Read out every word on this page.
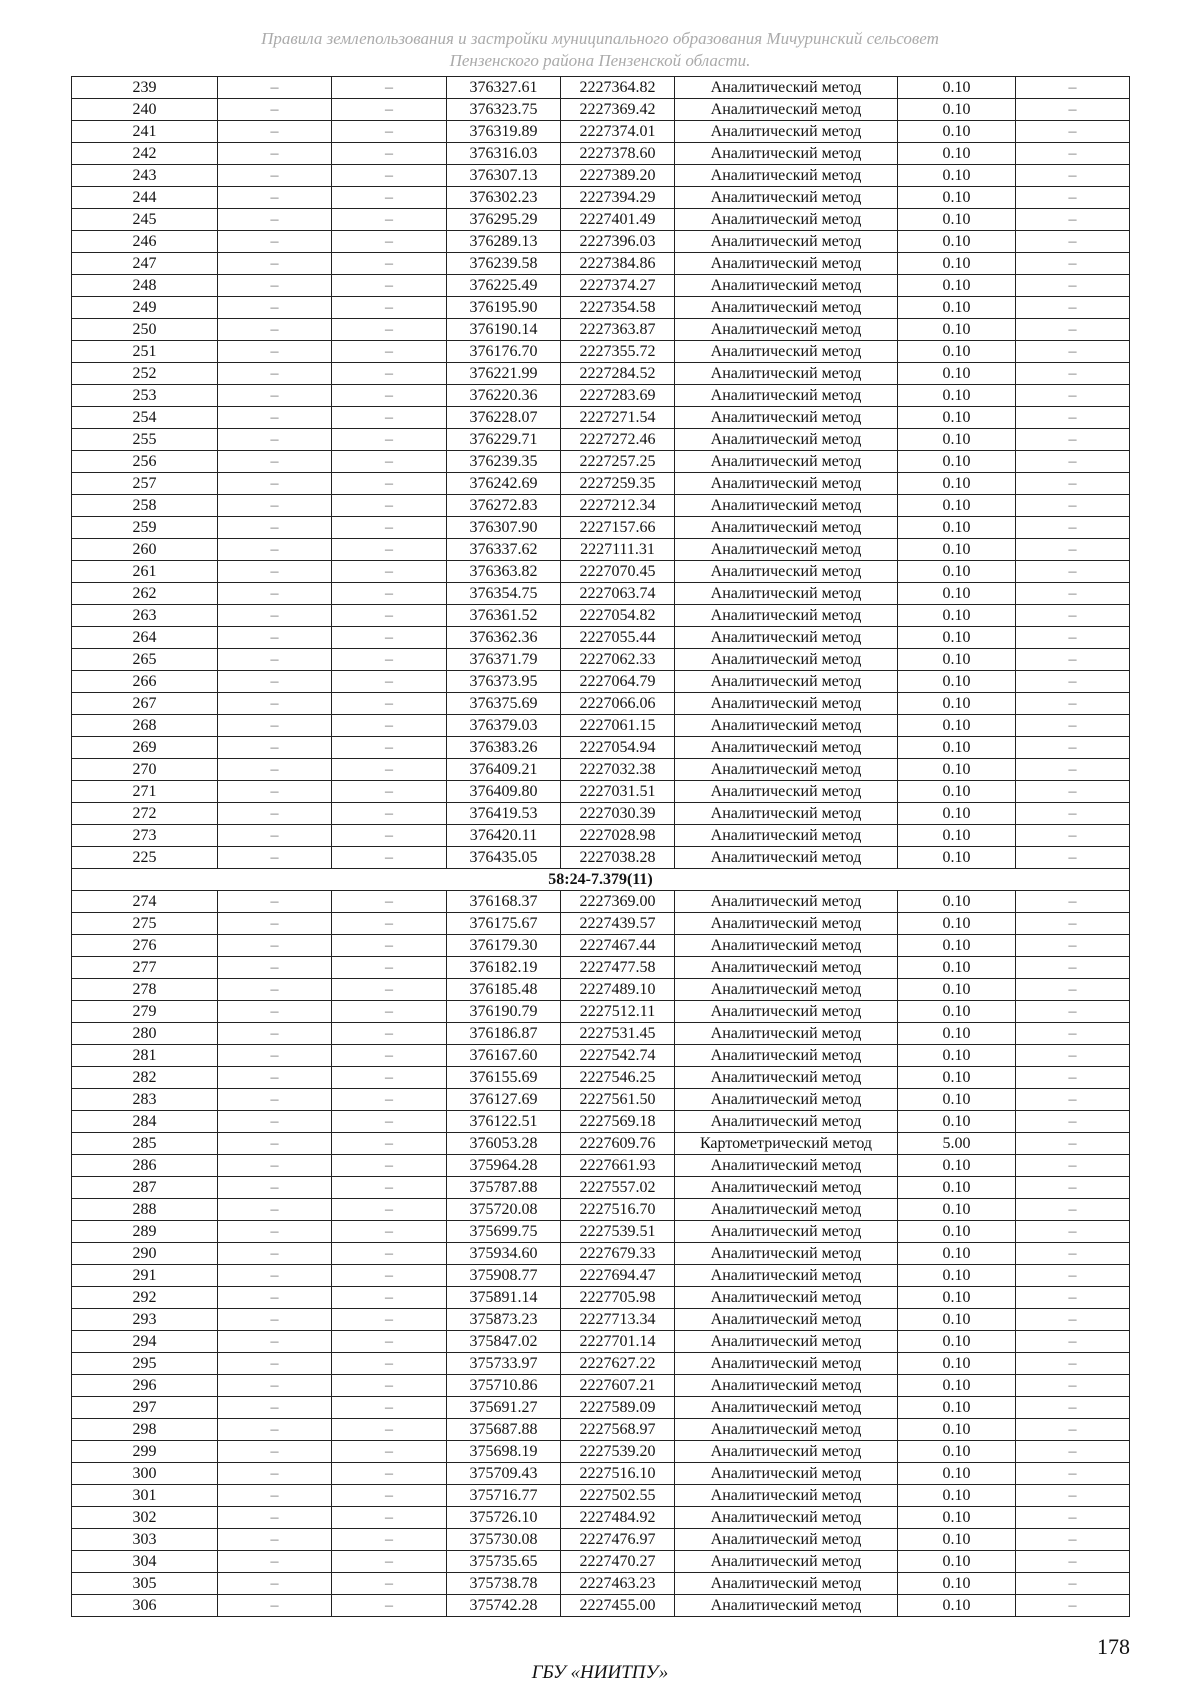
Правила землепользования и застройки муниципального образования Мичуринский сельсовет
Пензенского района Пензенской области.
239	–	–	376327.61	2227364.82	Аналитический метод	0.10	–
240	–	–	376323.75	2227369.42	Аналитический метод	0.10	–
241	–	–	376319.89	2227374.01	Аналитический метод	0.10	–
242	–	–	376316.03	2227378.60	Аналитический метод	0.10	–
243	–	–	376307.13	2227389.20	Аналитический метод	0.10	–
244	–	–	376302.23	2227394.29	Аналитический метод	0.10	–
245	–	–	376295.29	2227401.49	Аналитический метод	0.10	–
246	–	–	376289.13	2227396.03	Аналитический метод	0.10	–
247	–	–	376239.58	2227384.86	Аналитический метод	0.10	–
248	–	–	376225.49	2227374.27	Аналитический метод	0.10	–
249	–	–	376195.90	2227354.58	Аналитический метод	0.10	–
250	–	–	376190.14	2227363.87	Аналитический метод	0.10	–
251	–	–	376176.70	2227355.72	Аналитический метод	0.10	–
252	–	–	376221.99	2227284.52	Аналитический метод	0.10	–
253	–	–	376220.36	2227283.69	Аналитический метод	0.10	–
254	–	–	376228.07	2227271.54	Аналитический метод	0.10	–
255	–	–	376229.71	2227272.46	Аналитический метод	0.10	–
256	–	–	376239.35	2227257.25	Аналитический метод	0.10	–
257	–	–	376242.69	2227259.35	Аналитический метод	0.10	–
258	–	–	376272.83	2227212.34	Аналитический метод	0.10	–
259	–	–	376307.90	2227157.66	Аналитический метод	0.10	–
260	–	–	376337.62	2227111.31	Аналитический метод	0.10	–
261	–	–	376363.82	2227070.45	Аналитический метод	0.10	–
262	–	–	376354.75	2227063.74	Аналитический метод	0.10	–
263	–	–	376361.52	2227054.82	Аналитический метод	0.10	–
264	–	–	376362.36	2227055.44	Аналитический метод	0.10	–
265	–	–	376371.79	2227062.33	Аналитический метод	0.10	–
266	–	–	376373.95	2227064.79	Аналитический метод	0.10	–
267	–	–	376375.69	2227066.06	Аналитический метод	0.10	–
268	–	–	376379.03	2227061.15	Аналитический метод	0.10	–
269	–	–	376383.26	2227054.94	Аналитический метод	0.10	–
270	–	–	376409.21	2227032.38	Аналитический метод	0.10	–
271	–	–	376409.80	2227031.51	Аналитический метод	0.10	–
272	–	–	376419.53	2227030.39	Аналитический метод	0.10	–
273	–	–	376420.11	2227028.98	Аналитический метод	0.10	–
225	–	–	376435.05	2227038.28	Аналитический метод	0.10	–
58:24-7.379(11)							
274	–	–	376168.37	2227369.00	Аналитический метод	0.10	–
275	–	–	376175.67	2227439.57	Аналитический метод	0.10	–
276	–	–	376179.30	2227467.44	Аналитический метод	0.10	–
277	–	–	376182.19	2227477.58	Аналитический метод	0.10	–
278	–	–	376185.48	2227489.10	Аналитический метод	0.10	–
279	–	–	376190.79	2227512.11	Аналитический метод	0.10	–
280	–	–	376186.87	2227531.45	Аналитический метод	0.10	–
281	–	–	376167.60	2227542.74	Аналитический метод	0.10	–
282	–	–	376155.69	2227546.25	Аналитический метод	0.10	–
283	–	–	376127.69	2227561.50	Аналитический метод	0.10	–
284	–	–	376122.51	2227569.18	Аналитический метод	0.10	–
285	–	–	376053.28	2227609.76	Картометрический метод	5.00	–
286	–	–	375964.28	2227661.93	Аналитический метод	0.10	–
287	–	–	375787.88	2227557.02	Аналитический метод	0.10	–
288	–	–	375720.08	2227516.70	Аналитический метод	0.10	–
289	–	–	375699.75	2227539.51	Аналитический метод	0.10	–
290	–	–	375934.60	2227679.33	Аналитический метод	0.10	–
291	–	–	375908.77	2227694.47	Аналитический метод	0.10	–
292	–	–	375891.14	2227705.98	Аналитический метод	0.10	–
293	–	–	375873.23	2227713.34	Аналитический метод	0.10	–
294	–	–	375847.02	2227701.14	Аналитический метод	0.10	–
295	–	–	375733.97	2227627.22	Аналитический метод	0.10	–
296	–	–	375710.86	2227607.21	Аналитический метод	0.10	–
297	–	–	375691.27	2227589.09	Аналитический метод	0.10	–
298	–	–	375687.88	2227568.97	Аналитический метод	0.10	–
299	–	–	375698.19	2227539.20	Аналитический метод	0.10	–
300	–	–	375709.43	2227516.10	Аналитический метод	0.10	–
301	–	–	375716.77	2227502.55	Аналитический метод	0.10	–
302	–	–	375726.10	2227484.92	Аналитический метод	0.10	–
303	–	–	375730.08	2227476.97	Аналитический метод	0.10	–
304	–	–	375735.65	2227470.27	Аналитический метод	0.10	–
305	–	–	375738.78	2227463.23	Аналитический метод	0.10	–
306	–	–	375742.28	2227455.00	Аналитический метод	0.10	–
178
ГБУ «НИИТПУ»
